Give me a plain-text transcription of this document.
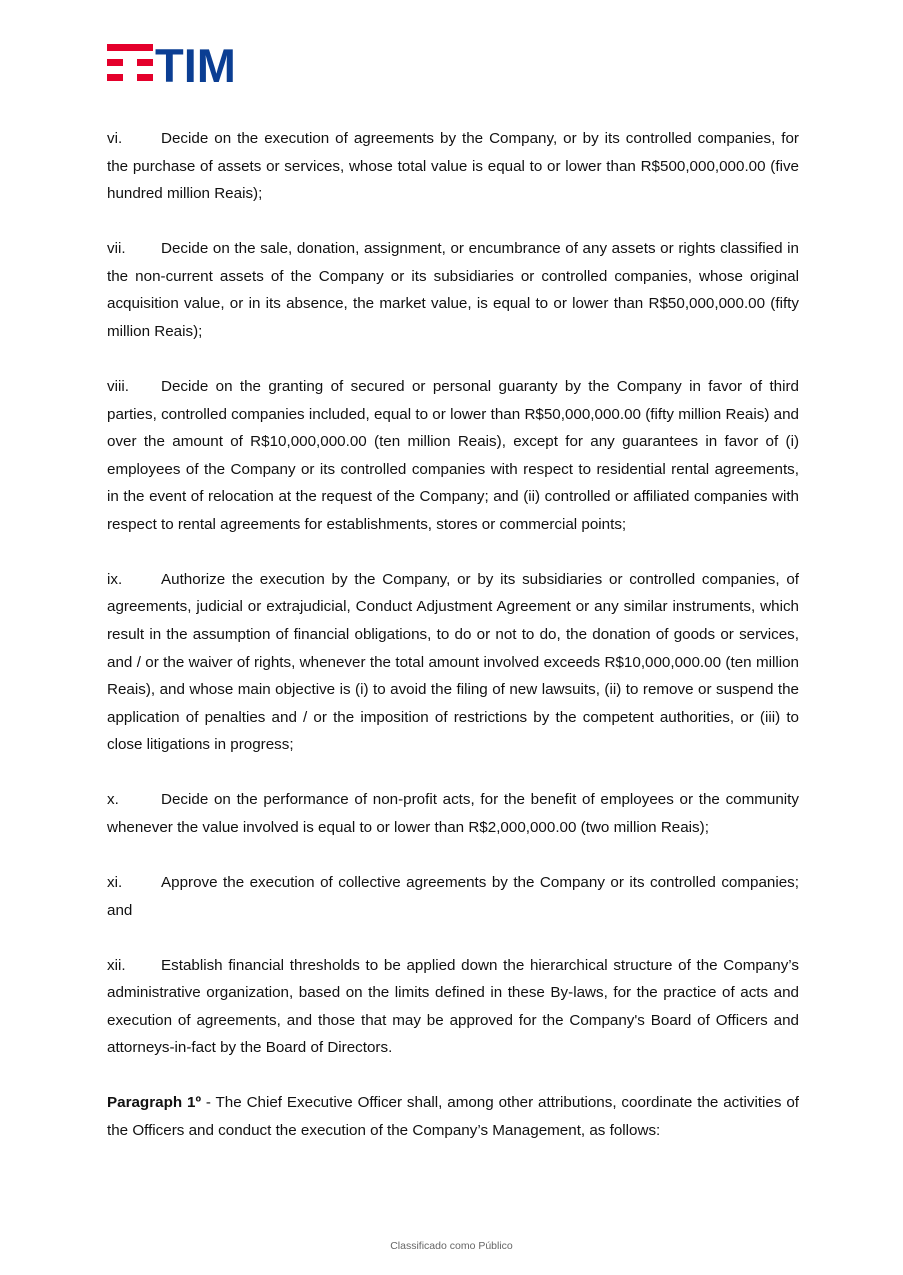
TIM
vi.	Decide on the execution of agreements by the Company, or by its controlled companies, for the purchase of assets or services, whose total value is equal to or lower than R$500,000,000.00 (five hundred million Reais);
vii. Decide on the sale, donation, assignment, or encumbrance of any assets or rights classified in the non-current assets of the Company or its subsidiaries or controlled companies, whose original acquisition value, or in its absence, the market value, is equal to or lower than R$50,000,000.00 (fifty million Reais);
viii. Decide on the granting of secured or personal guaranty by the Company in favor of third parties, controlled companies included, equal to or lower than R$50,000,000.00 (fifty million Reais) and over the amount of R$10,000,000.00 (ten million Reais), except for any guarantees in favor of (i) employees of the Company or its controlled companies with respect to residential rental agreements, in the event of relocation at the request of the Company; and (ii) controlled or affiliated companies with respect to rental agreements for establishments, stores or commercial points;
ix.	Authorize the execution by the Company, or by its subsidiaries or controlled companies, of agreements, judicial or extrajudicial, Conduct Adjustment Agreement or any similar instruments, which result in the assumption of financial obligations, to do or not to do, the donation of goods or services, and / or the waiver of rights, whenever the total amount involved exceeds R$10,000,000.00 (ten million Reais), and whose main objective is (i) to avoid the filing of new lawsuits, (ii) to remove or suspend the application of penalties and / or the imposition of restrictions by the competent authorities, or (iii) to close litigations in progress;
x.	Decide on the performance of non-profit acts, for the benefit of employees or the community whenever the value involved is equal to or lower than R$2,000,000.00 (two million Reais);
xi.	Approve the execution of collective agreements by the Company or its controlled companies; and
xii. Establish financial thresholds to be applied down the hierarchical structure of the Company’s administrative organization, based on the limits defined in these By-laws, for the practice of acts and execution of agreements, and those that may be approved for the Company's Board of Officers and attorneys-in-fact by the Board of Directors.
Paragraph 1º - The Chief Executive Officer shall, among other attributions, coordinate the activities of the Officers and conduct the execution of the Company’s Management, as follows:
Classificado como Público
